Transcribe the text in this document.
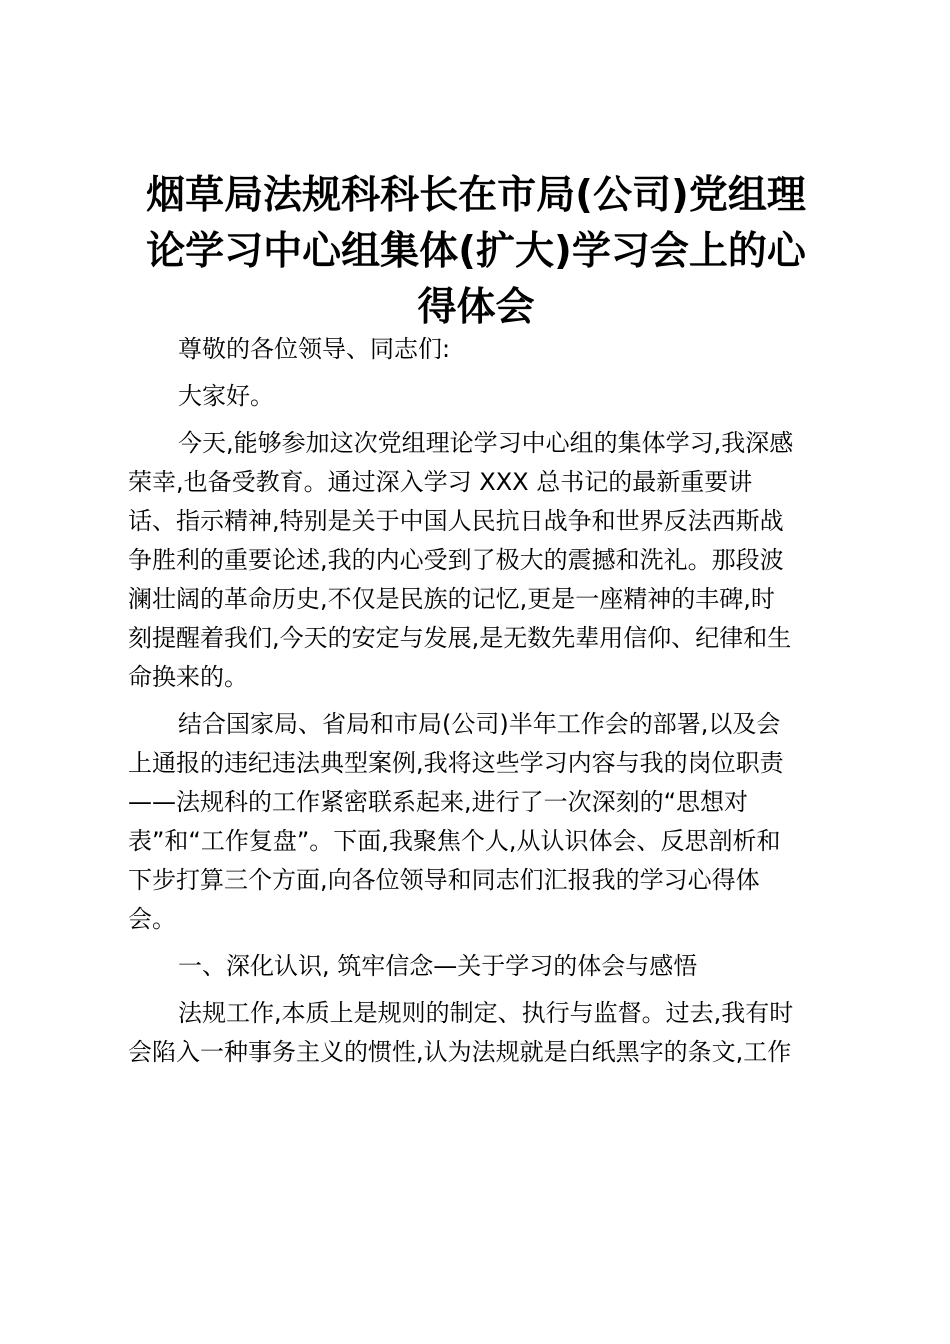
烟草局法规科科长在市局(公司)党组理
论学习中心组集体(扩大)学习会上的心
得体会
尊敬的各位领导、同志们:
大家好。
今天,能够参加这次党组理论学习中心组的集体学习,我深感
荣幸,也备受教育。通过深入学习 XXX 总书记的最新重要讲
话、指示精神,特别是关于中国人民抗日战争和世界反法西斯战
争胜利的重要论述,我的内心受到了极大的震撼和洗礼。那段波
澜壮阔的革命历史,不仅是民族的记忆,更是一座精神的丰碑,时
刻提醒着我们,今天的安定与发展,是无数先辈用信仰、纪律和生
命换来的。
结合国家局、省局和市局(公司)半年工作会的部署,以及会
上通报的违纪违法典型案例,我将这些学习内容与我的岗位职责
——法规科的工作紧密联系起来,进行了一次深刻的“思想对
表”和“工作复盘”。下面,我聚焦个人,从认识体会、反思剖析和
下步打算三个方面,向各位领导和同志们汇报我的学习心得体
会。
一、深化认识, 筑牢信念—关于学习的体会与感悟
法规工作,本质上是规则的制定、执行与监督。过去,我有时
会陷入一种事务主义的惯性,认为法规就是白纸黑字的条文,工作
